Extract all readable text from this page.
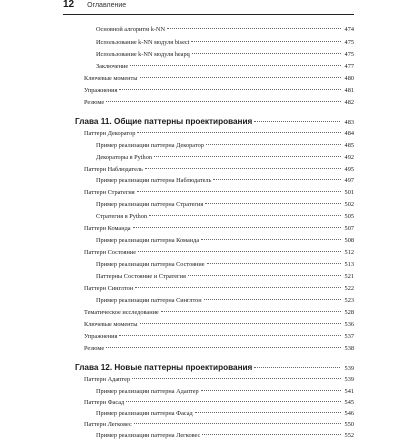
12 Оглавление
Основной алгоритм k-NN	474
Использование k-NN модуля bisect	475
Использование k-NN модуля heapq	475
Заключение	477
Ключевые моменты	480
Упражнения	481
Резюме	482
Глава 11. Общие паттерны проектирования	483
Паттерн Декоратор	484
Пример реализации паттерна Декоратор	485
Декораторы в Python	492
Паттерн Наблюдатель	495
Пример реализации паттерна Наблюдатель	497
Паттерн Стратегия	501
Пример реализации паттерна Стратегия	502
Стратегия в Python	505
Паттерн Команда	507
Пример реализации паттерна Команда	508
Паттерн Состояние	512
Пример реализации паттерна Состояние	513
Паттерны Состояние и Стратегия	521
Паттерн Синглтон	522
Пример реализации паттерна Синглтон	523
Тематическое исследование	528
Ключевые моменты	536
Упражнения	537
Резюме	538
Глава 12. Новые паттерны проектирования	539
Паттерн Адаптер	539
Пример реализации паттерна Адаптер	541
Паттерн Фасад	545
Пример реализации паттерна Фасад	546
Паттерн Легковес	550
Пример реализации паттерна Легковес	552
